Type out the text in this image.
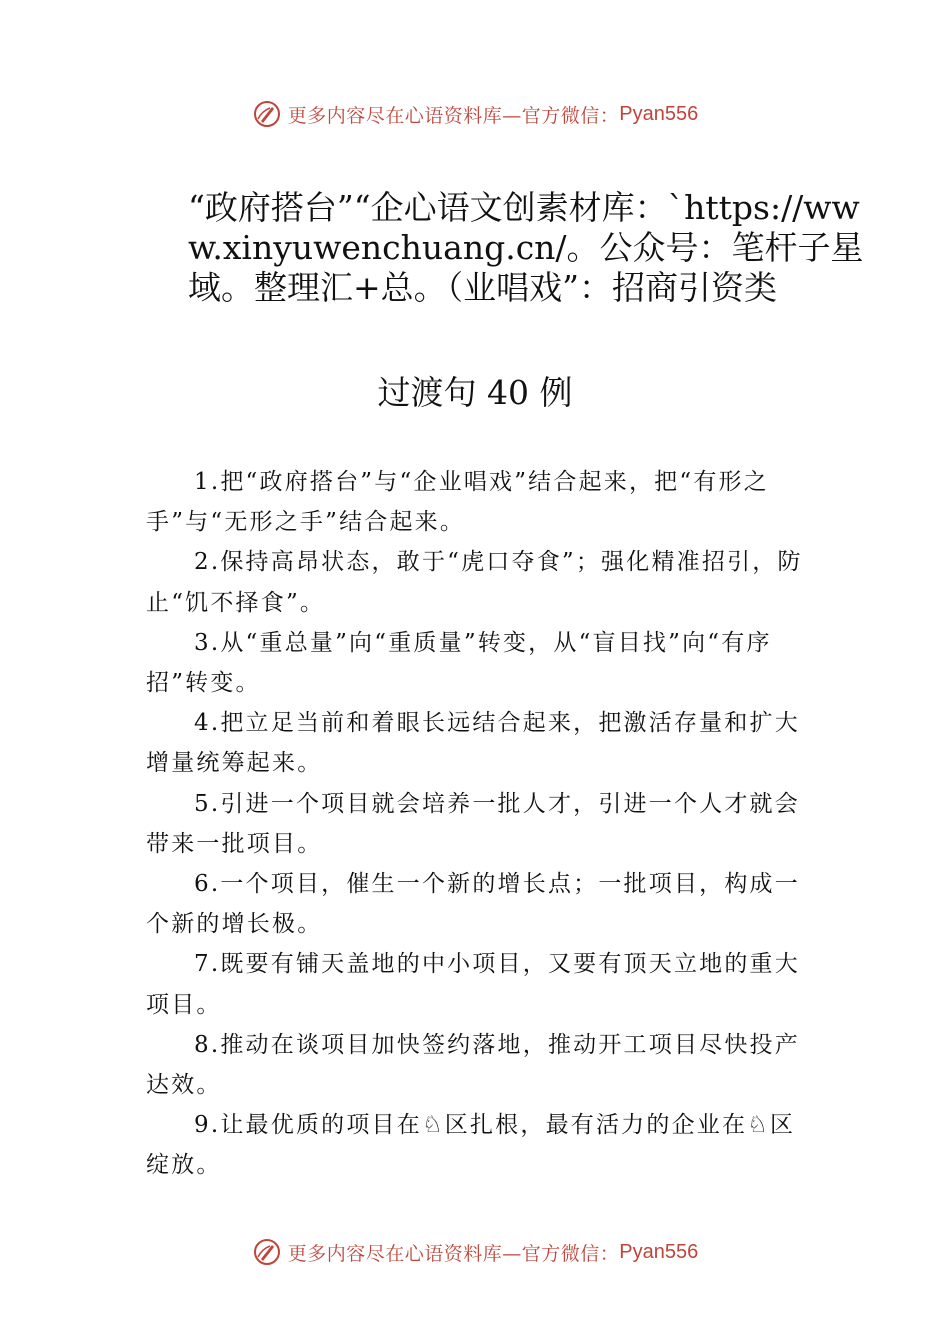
更多内容尽在心语资料库—官方微信： Pyan556
“政府搭台”“企心语文创素材库：`https://www.xinyuwenchuang.cn/。公众号：笔杆子星域。整理汇+总。（业唱戏”：招商引资类
过渡句 40 例

1.把“政府搭台”与“企业唱戏”结合起来，把“有形之手”与“无形之手”结合起来。

2.保持高昂状态，敢于“虎口夺食”；强化精准招引，防止“饥不择食”。

3.从“重总量”向“重质量”转变，从“盲目找”向“有序招”转变。

4.把立足当前和着眼长远结合起来，把激活存量和扩大增量统筹起来。

5.引进一个项目就会培养一批人才，引进一个人才就会带来一批项目。

6.一个项目，催生一个新的增长点；一批项目，构成一个新的增长极。

7.既要有铺天盖地的中小项目，又要有顶天立地的重大项目。

8.推动在谈项目加快签约落地，推动开工项目尽快投产达效。

9.让最优质的项目在♘区扎根，最有活力的企业在♘区绽放。

更多内容尽在心语资料库—官方微信： Pyan556
